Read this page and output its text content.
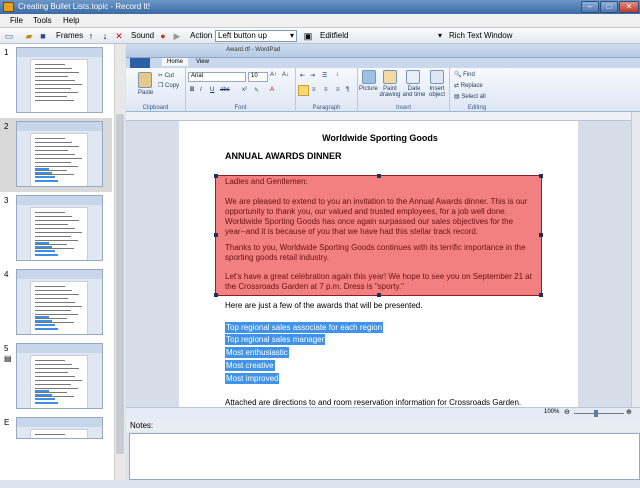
Creating Bullet Lists.topic - Record It!	–	□	✕
File Tools Help
▭ ▰ ■ Frames ↑	↓ ✕ Sound ● ▶ Action Left button up	▾ ▣ Editfield	▾ Rich Text Window
1
2
3
4
5
▤
E
Award.rtf - WordPad
Home	View
Paste
✂ Cut
❐ Copy
Clipboard
Arial	10	A↑ A↓
B I U abc x² ✎ A
Font
⇤ ⇥ ☰ ↕
≡ ≡ ≡ ¶
Paragraph
Picture Paint drawing
Date and time
Insert object
Insert
🔍 Find
⇄ Replace
▤ Select all
Editing
Worldwide Sporting Goods
ANNUAL AWARDS DINNER
Ladies and Gentlemen:
We are pleased to extend to you an invitation to the Annual Awards dinner. This is our
opportunity to thank you, our valued and trusted employees, for a job well done.
Worldwide Sporting Goods has once again surpassed our sales objectives for the
year--and it is because of you that we have had this stellar track record.
Thanks to you, Worldwide Sporting Goods continues with its terrific importance in the
sporting goods retail industry.
Let's have a great celebration again this year! We hope to see you on September 21 at
the Crossroads Garden at 7 p.m. Dress is "sporty."
Here are just a few of the awards that will be presented.
Top regional sales associate for each region
Top regional sales manager
Most enthusiastic
Most creative
Most improved
Attached are directions to and room reservation information for Crossroads Garden.
100% ⊖	⊕
Notes:
